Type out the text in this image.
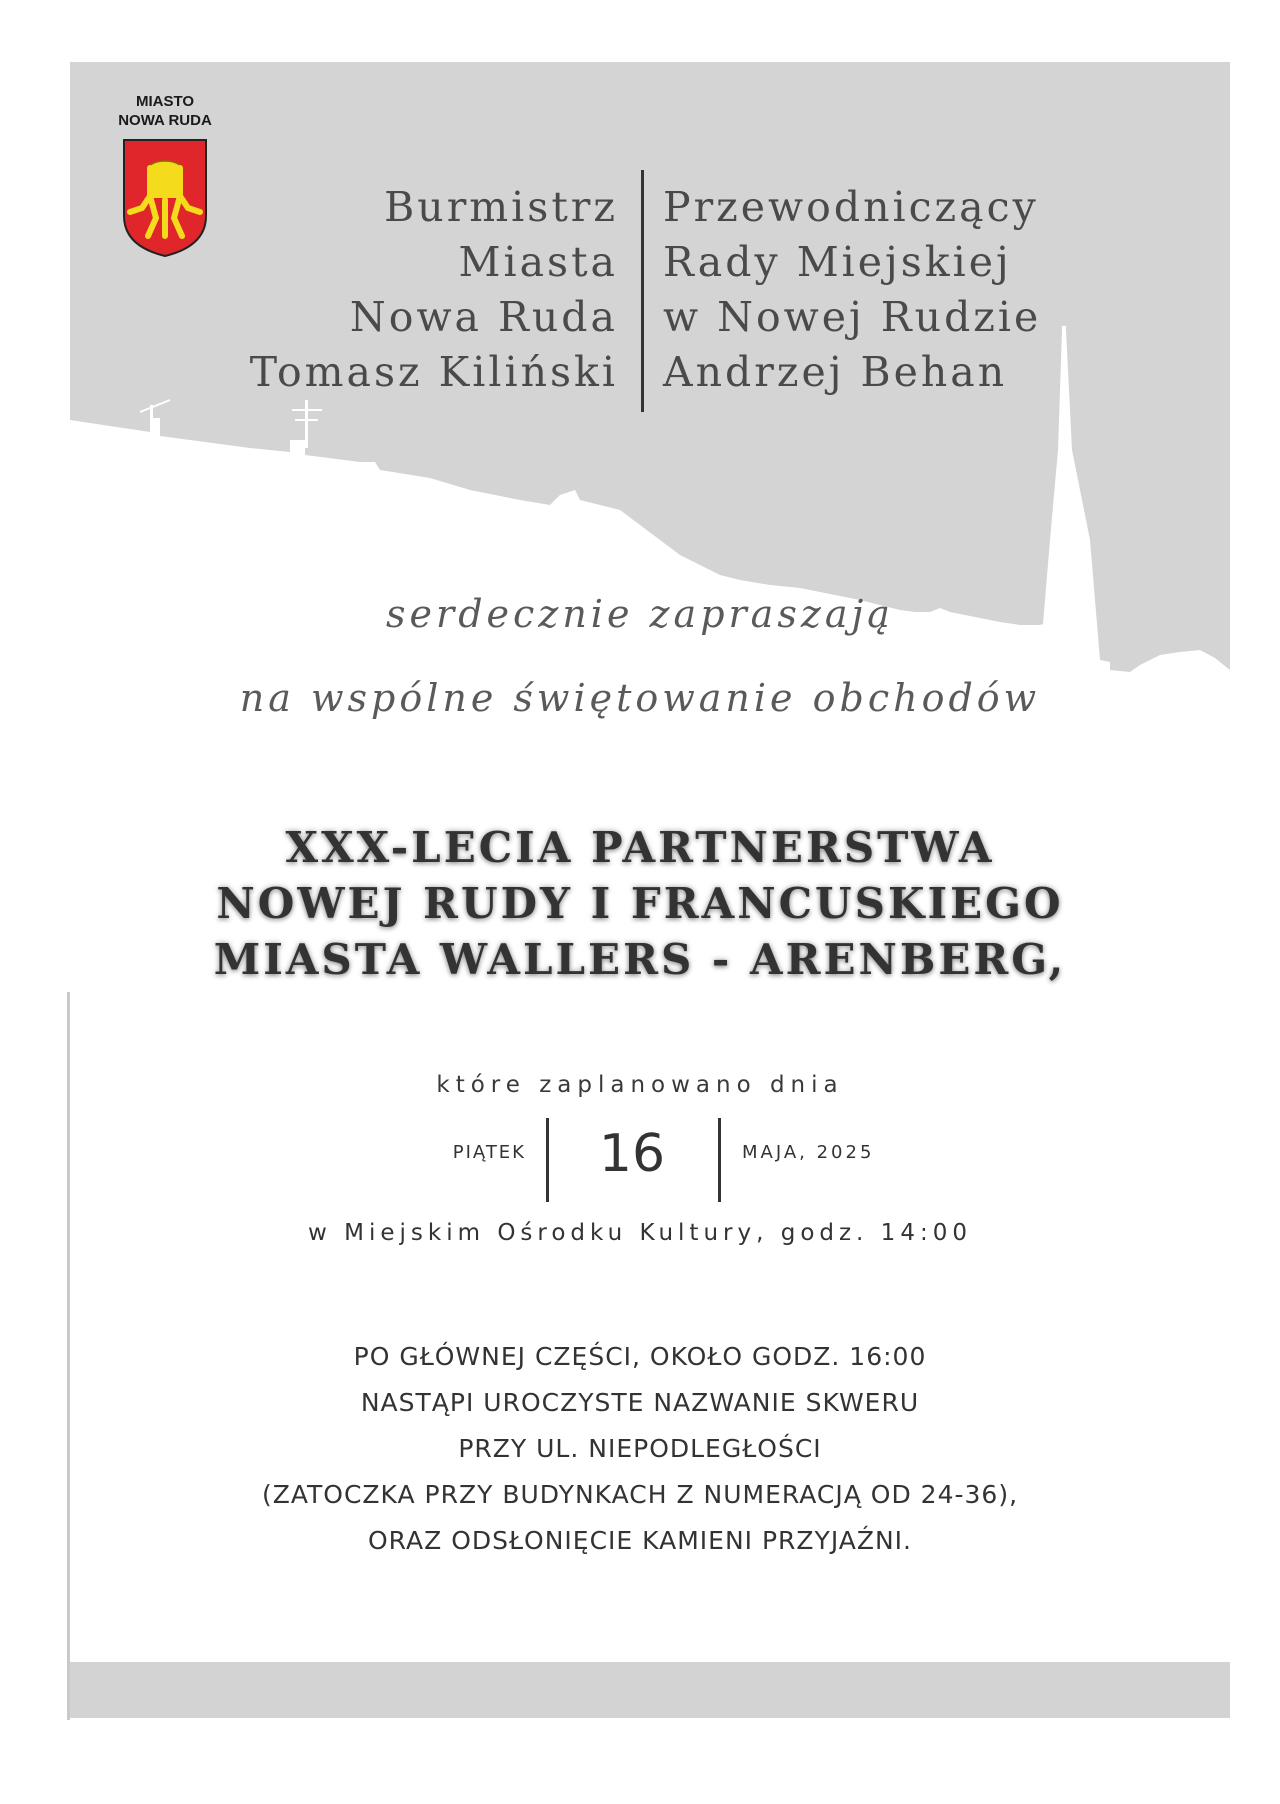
MIASTO
NOWA RUDA
Burmistrz
Miasta
Nowa Ruda
Tomasz Kiliński
Przewodniczący
Rady Miejskiej
w Nowej Rudzie
Andrzej Behan
serdecznie zapraszają
na wspólne świętowanie obchodów
XXX-LECIA PARTNERSTWA
NOWEJ RUDY I FRANCUSKIEGO
MIASTA WALLERS - ARENBERG,
które zaplanowano dnia
PIĄTEK	16	MAJA, 2025
w Miejskim Ośrodku Kultury, godz. 14:00
PO GŁÓWNEJ CZĘŚCI, OKOŁO GODZ. 16:00
NASTĄPI UROCZYSTE NAZWANIE SKWERU
PRZY UL. NIEPODLEGŁOŚCI
(ZATOCZKA PRZY BUDYNKACH Z NUMERACJĄ OD 24-36),
ORAZ ODSŁONIĘCIE KAMIENI PRZYJAŹNI.
